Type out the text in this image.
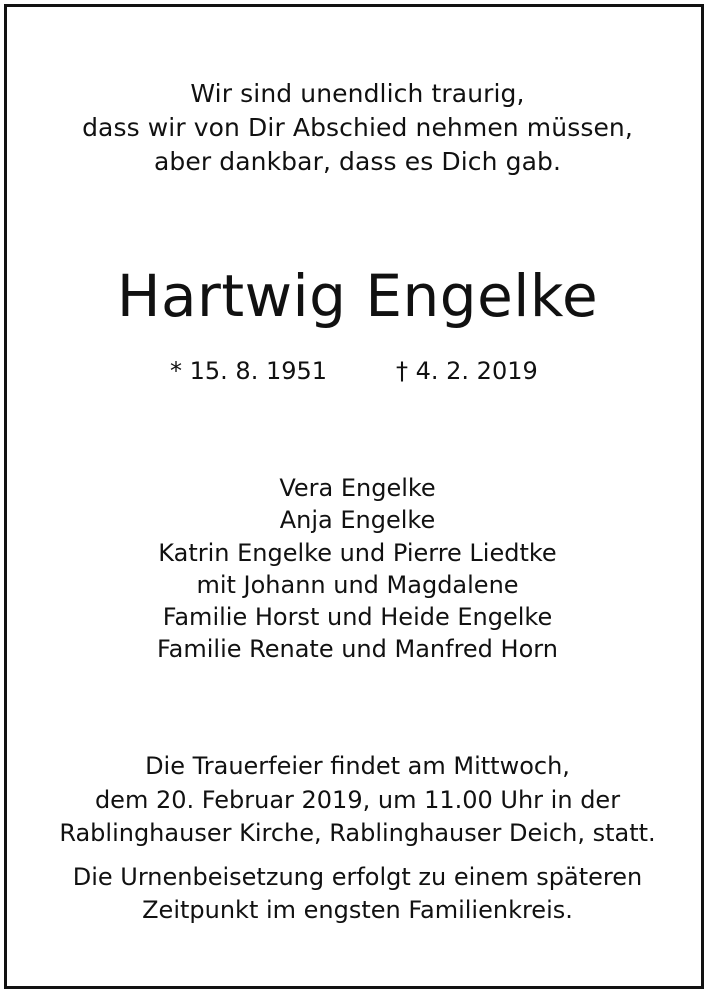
Wir sind unendlich traurig,
dass wir von Dir Abschied nehmen müssen,
aber dankbar, dass es Dich gab.
Hartwig Engelke
* 15. 8. 1951	† 4. 2. 2019
Vera Engelke
Anja Engelke
Katrin Engelke und Pierre Liedtke
mit Johann und Magdalene
Familie Horst und Heide Engelke
Familie Renate und Manfred Horn
Die Trauerfeier findet am Mittwoch,
dem 20. Februar 2019, um 11.00 Uhr in der
Rablinghauser Kirche, Rablinghauser Deich, statt.
Die Urnenbeisetzung erfolgt zu einem späteren
Zeitpunkt im engsten Familienkreis.
